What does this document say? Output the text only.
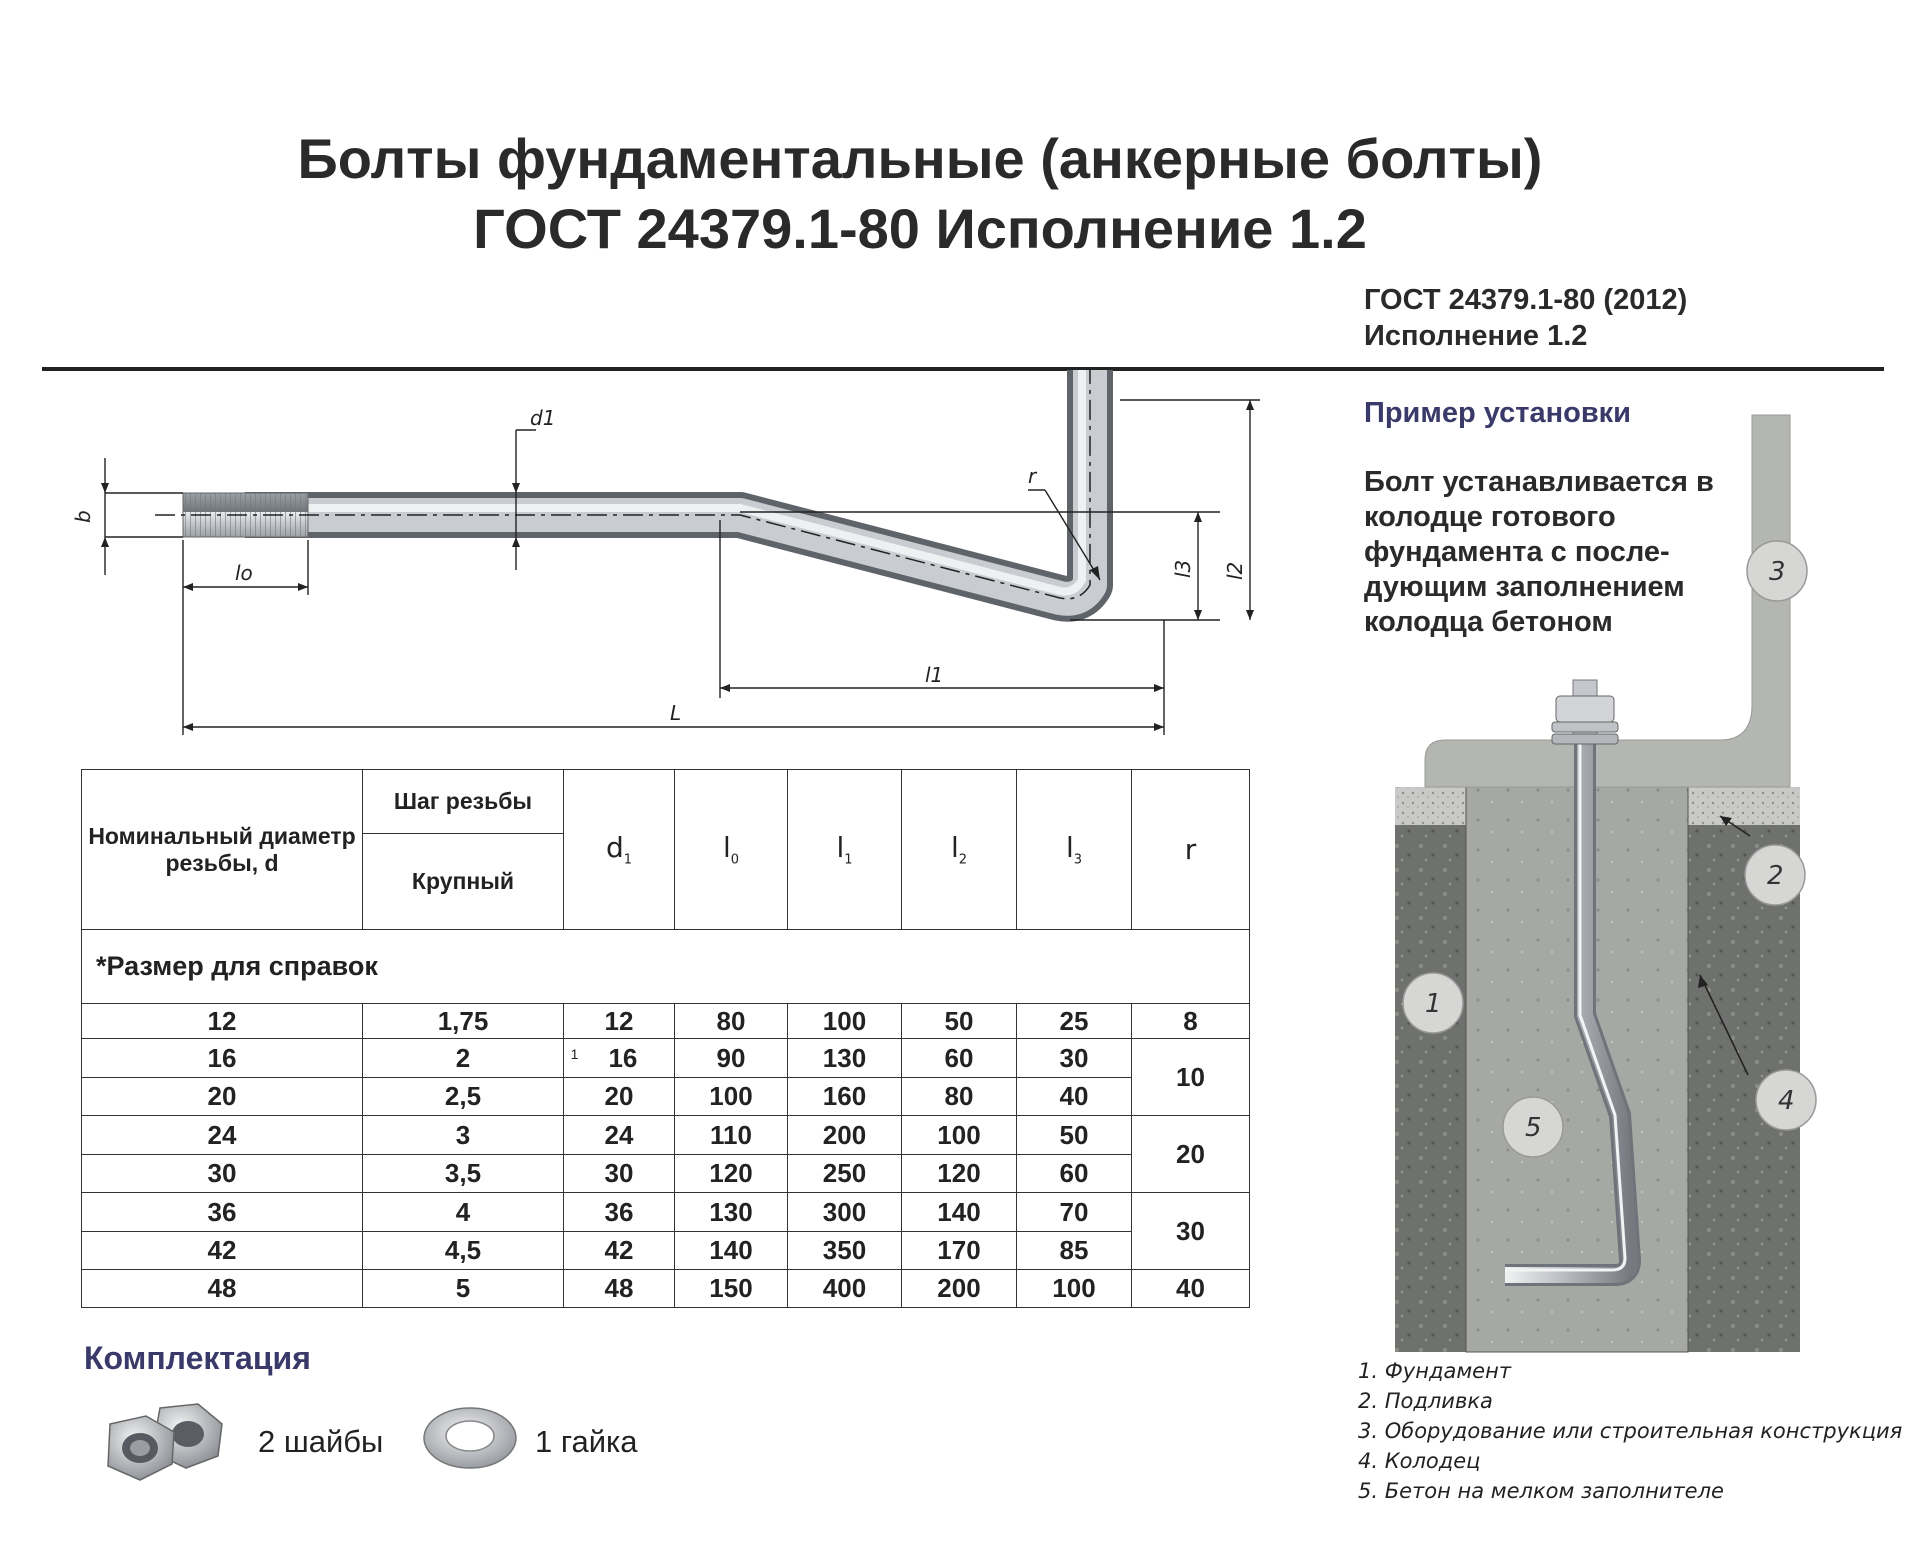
Болты фундаментальные (анкерные болты)
ГОСТ 24379.1-80 Исполнение 1.2
ГОСТ 24379.1-80 (2012)
Исполнение 1.2
b
d1
lo
r
l1
L
l3 l2
Номинальный диаметр резьбы, d	Шаг резьбы	$d_1$	$l_0$	$l_1$	$l_2$	$l_3$	r
	Крупный						
*Размер для справок							
12	1,75	12	80	100	50	25	8
16	2	$^1$ 16	90	130	60	30	10
20	2,5	20	100	160	80	40	
24	3	24	110	200	100	50	20
30	3,5	30	120	250	120	60	
36	4	36	130	300	140	70	30
42	4,5	42	140	350	170	85	
48	5	48	150	400	200	100	40
Комплектация
2 шайбы	1 гайка
1
2
3
4
5
Пример установки
Болт устанавливается в колодце готового фундамента с после-дующим заполнением колодца бетоном
1. Фундамент
2. Подливка
3. Оборудование или строительная конструкция
4. Колодец
5. Бетон на мелком заполнителе
